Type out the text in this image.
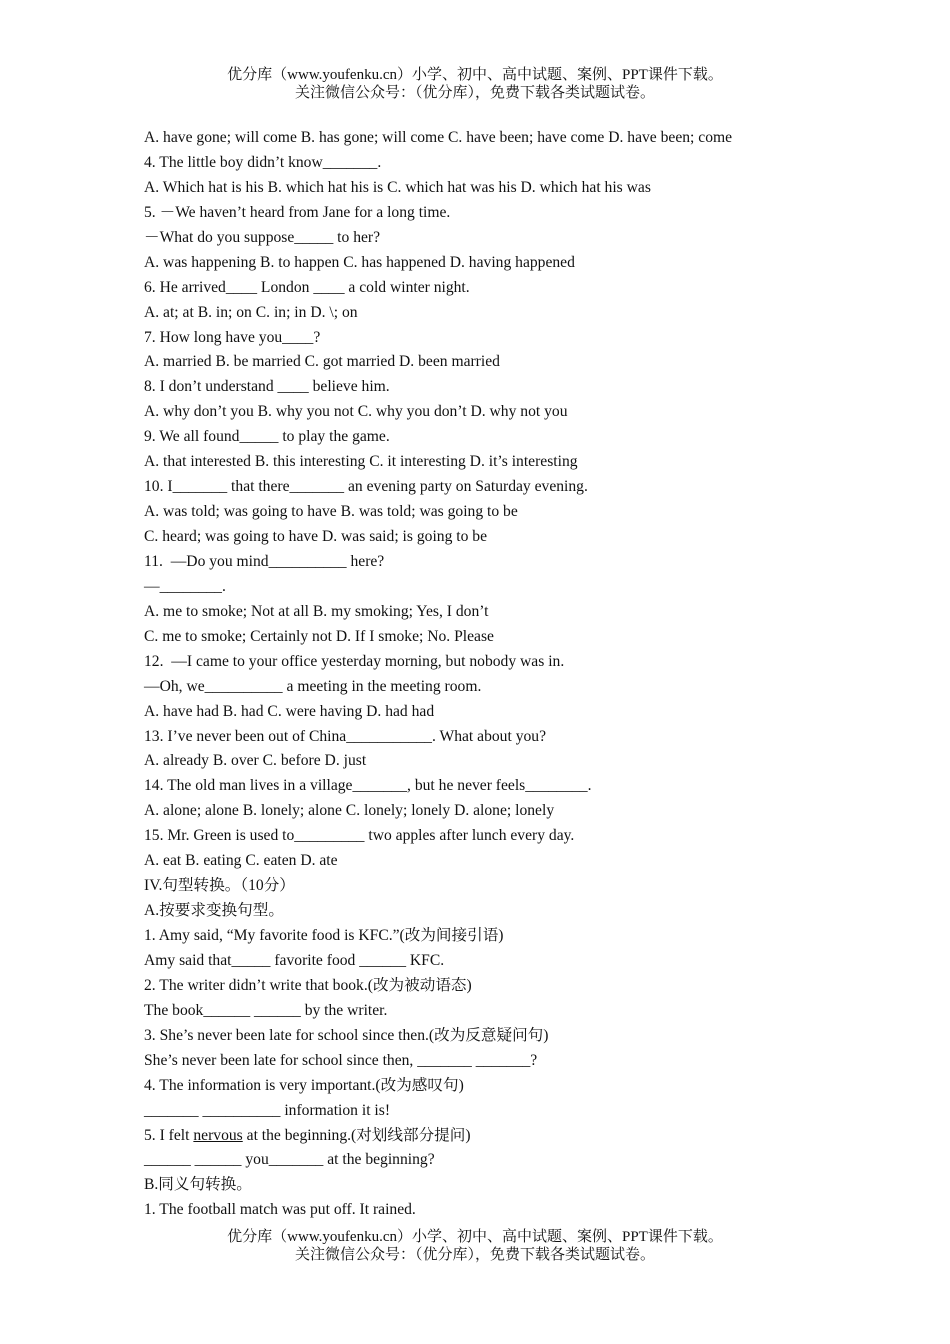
优分库（www.youfenku.cn）小学、初中、高中试题、案例、PPT课件下载。
关注微信公众号：（优分库），免费下载各类试题试卷。
A. have gone; will come B. has gone; will come C. have been; have come D. have been; come
4. The little boy didn’t know_______.
A. Which hat is his B. which hat his is C. which hat was his D. which hat his was
5. －We haven’t heard from Jane for a long time.
－What do you suppose_____ to her?
A. was happening B. to happen C. has happened D. having happened
6. He arrived____ London ____ a cold winter night.
A. at; at B. in; on C. in; in D. \; on
7. How long have you____?
A. married B. be married C. got married D. been married
8. I don’t understand ____ believe him.
A. why don’t you B. why you not C. why you don’t D. why not you
9. We all found_____ to play the game.
A. that interested B. this interesting C. it interesting D. it’s interesting
10. I_______ that there_______ an evening party on Saturday evening.
A. was told; was going to have B. was told; was going to be
C. heard; was going to have D. was said; is going to be
11.  —Do you mind__________ here?
—________.
A. me to smoke; Not at all B. my smoking; Yes, I don’t
C. me to smoke; Certainly not D. If I smoke; No. Please
12.  —I came to your office yesterday morning, but nobody was in.
—Oh, we__________ a meeting in the meeting room.
A. have had B. had C. were having D. had had
13. I’ve never been out of China___________. What about you?
A. already B. over C. before D. just
14. The old man lives in a village_______, but he never feels________.
A. alone; alone B. lonely; alone C. lonely; lonely D. alone; lonely
15. Mr. Green is used to_________ two apples after lunch every day.
A. eat B. eating C. eaten D. ate
IV.句型转换。（10分）
A.按要求变换句型。
1. Amy said, “My favorite food is KFC.”(改为间接引语)
Amy said that_____ favorite food ______ KFC.
2. The writer didn’t write that book.(改为被动语态)
The book______ ______ by the writer.
3. She’s never been late for school since then.(改为反意疑问句)
She’s never been late for school since then, _______ _______?
4. The information is very important.(改为感叹句)
_______ __________ information it is!
5. I felt nervous at the beginning.(对划线部分提问)
______ ______ you_______ at the beginning?
B.同义句转换。
1. The football match was put off. It rained.
优分库（www.youfenku.cn）小学、初中、高中试题、案例、PPT课件下载。
关注微信公众号：（优分库），免费下载各类试题试卷。
